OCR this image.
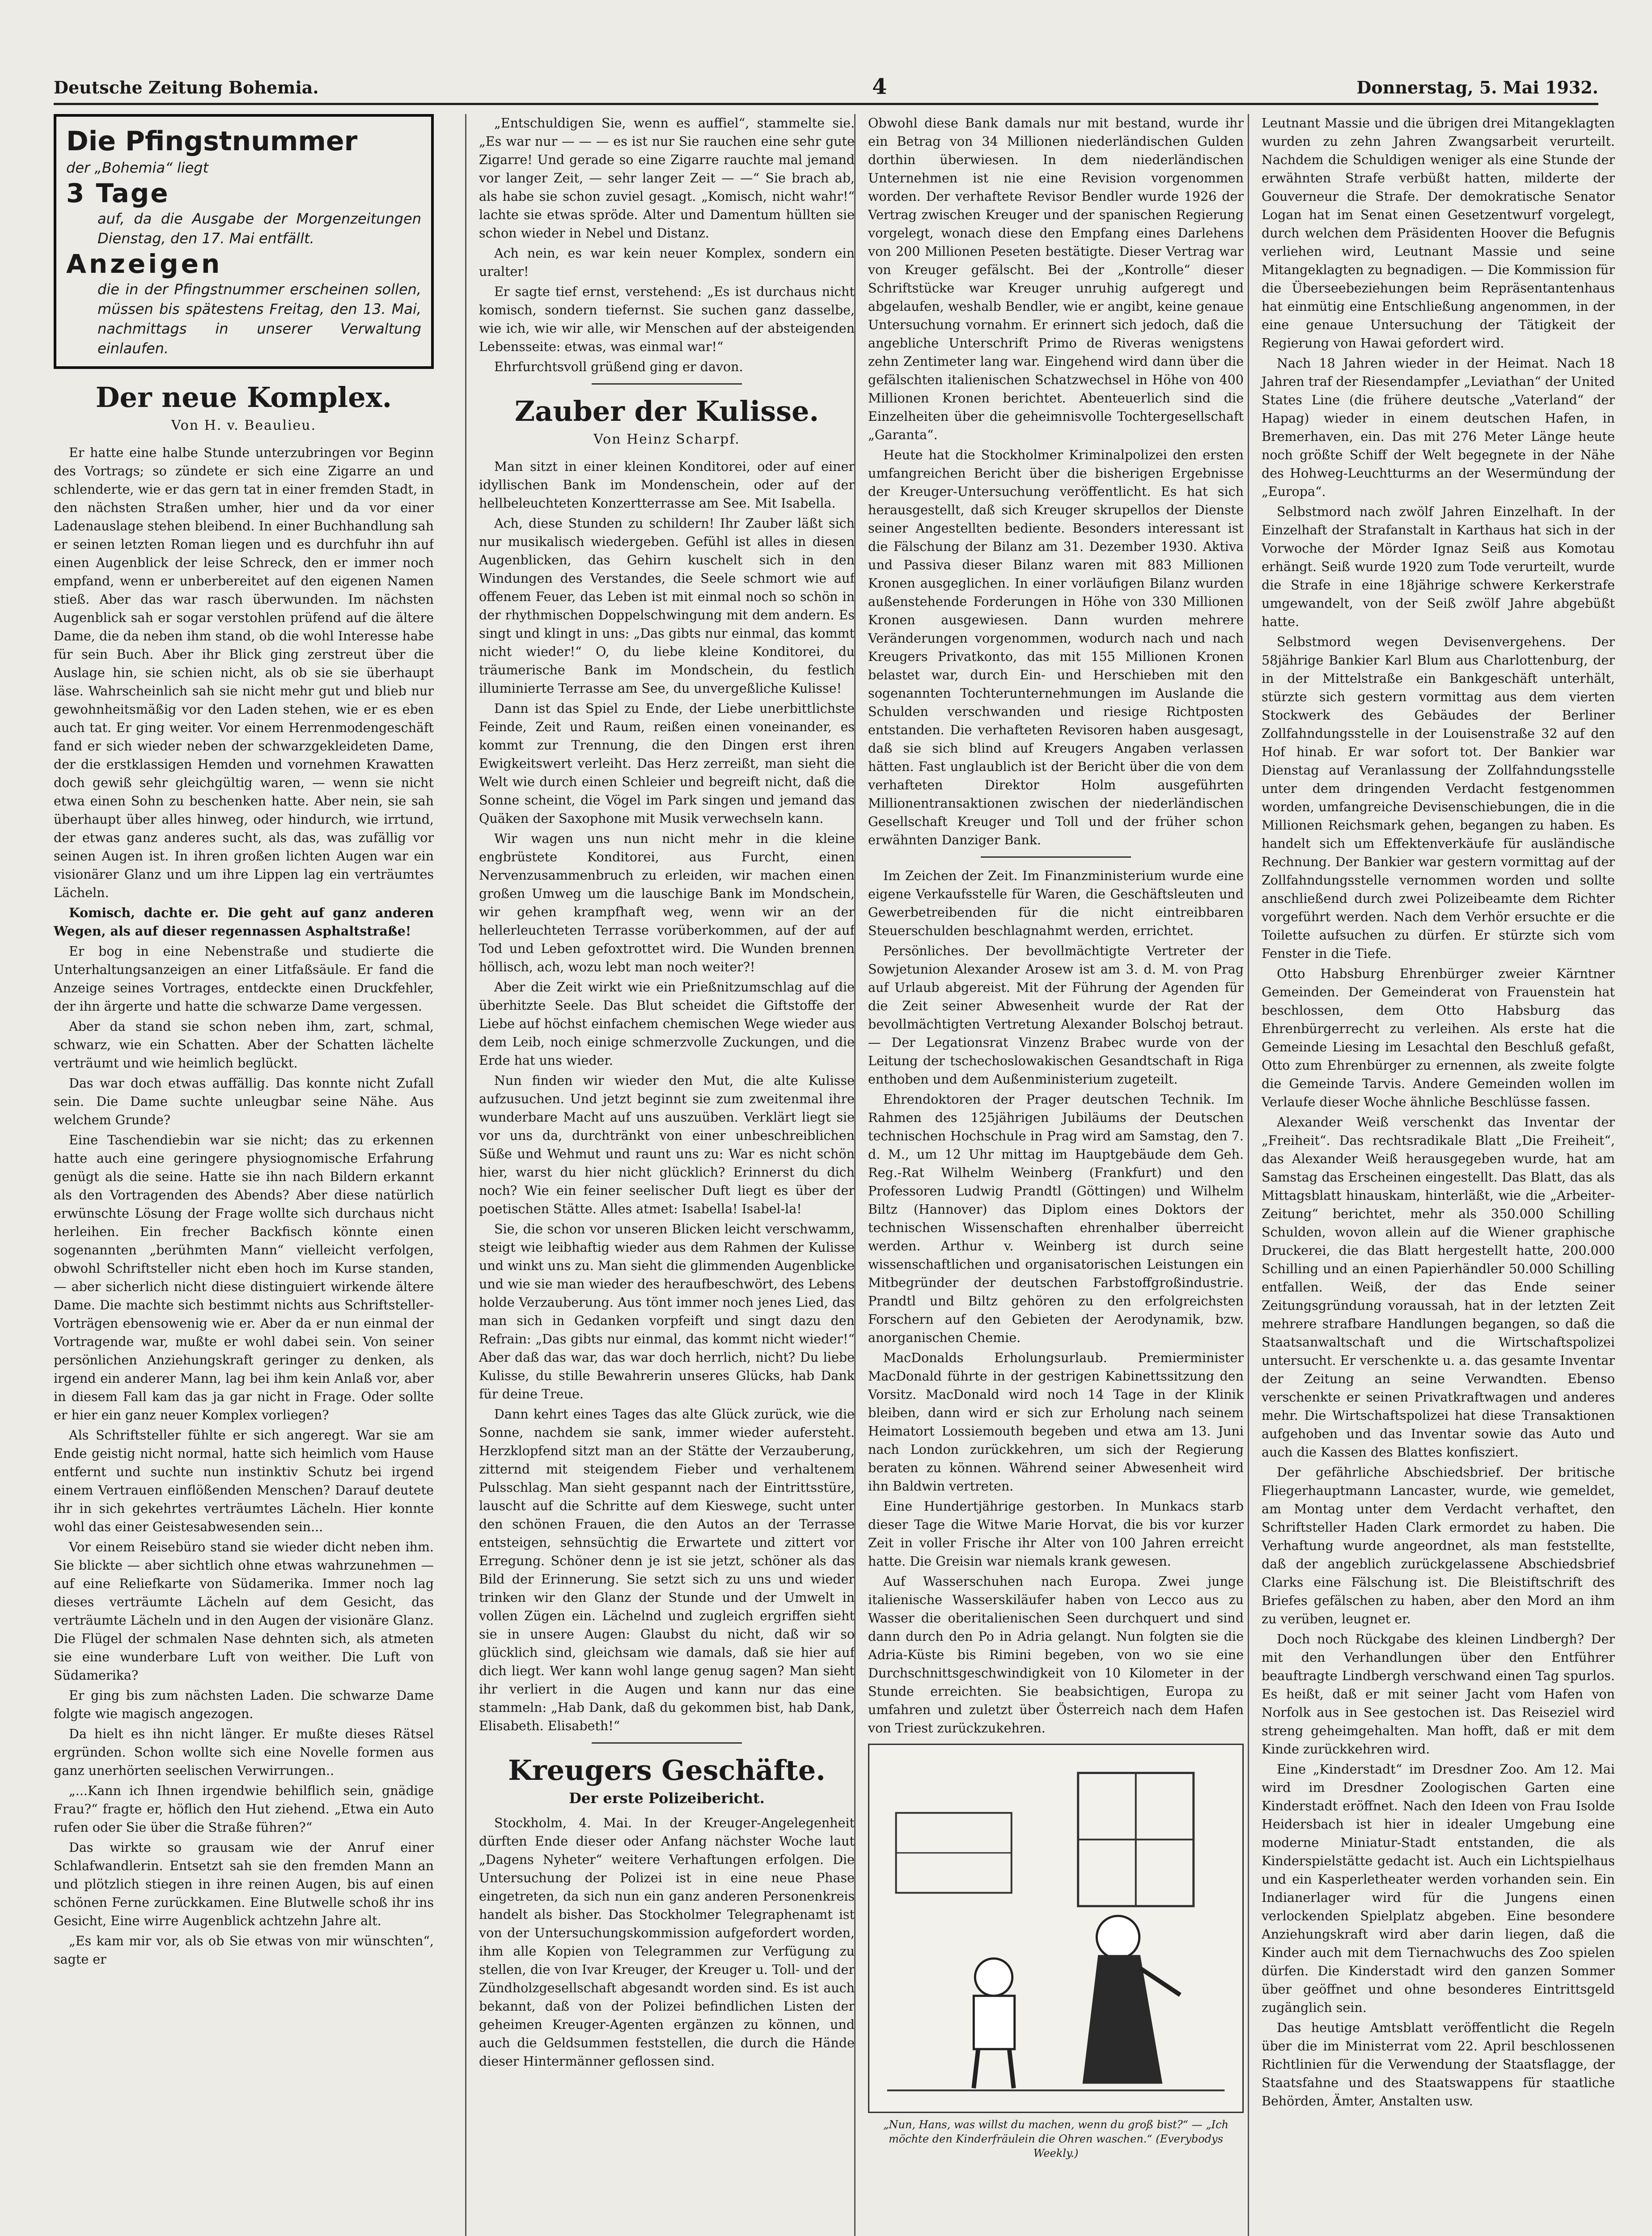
Deutsche Zeitung Bohemia.	4	Donnerstag, 5. Mai 1932.
Die Pfingstnummer
der „Bohemia“ liegt
3 Tage
auf, da die Ausgabe der Morgenzeitungen Dienstag, den 17. Mai entfällt.
Anzeigen
die in der Pfingstnummer erscheinen sollen, müssen bis spätestens Freitag, den 13. Mai, nachmittags in unserer Verwaltung einlaufen.
Der neue Komplex.
Von H. v. Beaulieu.

Er hatte eine halbe Stunde unterzubringen vor Beginn des Vortrags; so zündete er sich eine Zigarre an und schlenderte, wie er das gern tat in einer fremden Stadt, in den nächsten Straßen umher, hier und da vor einer Ladenauslage stehen bleibend. In einer Buchhandlung sah er seinen letzten Roman liegen und es durchfuhr ihn auf einen Augenblick der leise Schreck, den er immer noch empfand, wenn er unberbereitet auf den eigenen Namen stieß. Aber das war rasch überwunden. Im nächsten Augenblick sah er sogar verstohlen prüfend auf die ältere Dame, die da neben ihm stand, ob die wohl Interesse habe für sein Buch. Aber ihr Blick ging zerstreut über die Auslage hin, sie schien nicht, als ob sie sie überhaupt läse. Wahrscheinlich sah sie nicht mehr gut und blieb nur gewohnheitsmäßig vor den Laden stehen, wie er es eben auch tat. Er ging weiter. Vor einem Herrenmodengeschäft fand er sich wieder neben der schwarzgekleideten Dame, der die erstklassigen Hemden und vornehmen Krawatten doch gewiß sehr gleichgültig waren, — wenn sie nicht etwa einen Sohn zu beschenken hatte. Aber nein, sie sah überhaupt über alles hinweg, oder hindurch, wie irrtund, der etwas ganz anderes sucht, als das, was zufällig vor seinen Augen ist. In ihren großen lichten Augen war ein visionärer Glanz und um ihre Lippen lag ein verträumtes Lächeln.

Komisch, dachte er. Die geht auf ganz anderen Wegen, als auf dieser regennassen Asphaltstraße!

Er bog in eine Nebenstraße und studierte die Unterhaltungsanzeigen an einer Litfaßsäule. Er fand die Anzeige seines Vortrages, entdeckte einen Druckfehler, der ihn ärgerte und hatte die schwarze Dame vergessen.

Aber da stand sie schon neben ihm, zart, schmal, schwarz, wie ein Schatten. Aber der Schatten lächelte verträumt und wie heimlich beglückt.

Das war doch etwas auffällig. Das konnte nicht Zufall sein. Die Dame suchte unleugbar seine Nähe. Aus welchem Grunde?

Eine Taschendiebin war sie nicht; das zu erkennen hatte auch eine geringere physiognomische Erfahrung genügt als die seine. Hatte sie ihn nach Bildern erkannt als den Vortragenden des Abends? Aber diese natürlich erwünschte Lösung der Frage wollte sich durchaus nicht herleihen. Ein frecher Backfisch könnte einen sogenannten „berühmten Mann“ vielleicht verfolgen, obwohl Schriftsteller nicht eben hoch im Kurse standen, — aber sicherlich nicht diese distinguiert wirkende ältere Dame. Die machte sich bestimmt nichts aus Schriftsteller-Vorträgen ebensowenig wie er. Aber da er nun einmal der Vortragende war, mußte er wohl dabei sein. Von seiner persönlichen Anziehungskraft geringer zu denken, als irgend ein anderer Mann, lag bei ihm kein Anlaß vor, aber in diesem Fall kam das ja gar nicht in Frage. Oder sollte er hier ein ganz neuer Komplex vorliegen?

Als Schriftsteller fühlte er sich angeregt. War sie am Ende geistig nicht normal, hatte sich heimlich vom Hause entfernt und suchte nun instinktiv Schutz bei irgend einem Vertrauen einflößenden Menschen? Darauf deutete ihr in sich gekehrtes verträumtes Lächeln. Hier konnte wohl das einer Geistesabwesenden sein...

Vor einem Reisebüro stand sie wieder dicht neben ihm. Sie blickte — aber sichtlich ohne etwas wahrzunehmen — auf eine Reliefkarte von Südamerika. Immer noch lag dieses verträumte Lächeln auf dem Gesicht, das verträumte Lächeln und in den Augen der visionäre Glanz. Die Flügel der schmalen Nase dehnten sich, als atmeten sie eine wunderbare Luft von weither. Die Luft von Südamerika?

Er ging bis zum nächsten Laden. Die schwarze Dame folgte wie magisch angezogen.

Da hielt es ihn nicht länger. Er mußte dieses Rätsel ergründen. Schon wollte sich eine Novelle formen aus ganz unerhörten seelischen Verwirrungen..

„...Kann ich Ihnen irgendwie behilflich sein, gnädige Frau?“ fragte er, höflich den Hut ziehend. „Etwa ein Auto rufen oder Sie über die Straße führen?“

Das wirkte so grausam wie der Anruf einer Schlafwandlerin. Entsetzt sah sie den fremden Mann an und plötzlich stiegen in ihre reinen Augen, bis auf einen schönen Ferne zurückkamen. Eine Blutwelle schoß ihr ins Gesicht, Eine wirre Augenblick achtzehn Jahre alt.

„Es kam mir vor, als ob Sie etwas von mir wünschten“, sagte er

„Entschuldigen Sie, wenn es auffiel“, stammelte sie. „Es war nur — — — es ist nur Sie rauchen eine sehr gute Zigarre! Und gerade so eine Zigarre rauchte mal jemand vor langer Zeit, — sehr langer Zeit — —“ Sie brach ab, als habe sie schon zuviel gesagt. „Komisch, nicht wahr!“ lachte sie etwas spröde. Alter und Damentum hüllten sie schon wieder in Nebel und Distanz.

Ach nein, es war kein neuer Komplex, sondern ein uralter!

Er sagte tief ernst, verstehend: „Es ist durchaus nicht komisch, sondern tiefernst. Sie suchen ganz dasselbe, wie ich, wie wir alle, wir Menschen auf der absteigenden Lebensseite: etwas, was einmal war!“

Ehrfurchtsvoll grüßend ging er davon.

Zauber der Kulisse.
Von Heinz Scharpf.

Man sitzt in einer kleinen Konditorei, oder auf einer idyllischen Bank im Mondenschein, oder auf der hellbeleuchteten Konzertterrasse am See. Mit Isabella.

Ach, diese Stunden zu schildern! Ihr Zauber läßt sich nur musikalisch wiedergeben. Gefühl ist alles in diesen Augenblicken, das Gehirn kuschelt sich in den Windungen des Verstandes, die Seele schmort wie auf offenem Feuer, das Leben ist mit einmal noch so schön in der rhythmischen Doppelschwingung mit dem andern. Es singt und klingt in uns: „Das gibts nur einmal, das kommt nicht wieder!“ O, du liebe kleine Konditorei, du träumerische Bank im Mondschein, du festlich illuminierte Terrasse am See, du unvergeßliche Kulisse!

Dann ist das Spiel zu Ende, der Liebe unerbittlichste Feinde, Zeit und Raum, reißen einen voneinander, es kommt zur Trennung, die den Dingen erst ihren Ewigkeitswert verleiht. Das Herz zerreißt, man sieht die Welt wie durch einen Schleier und begreift nicht, daß die Sonne scheint, die Vögel im Park singen und jemand das Quäken der Saxophone mit Musik verwechseln kann.

Wir wagen uns nun nicht mehr in die kleine engbrüstete Konditorei, aus Furcht, einen Nervenzusammenbruch zu erleiden, wir machen einen großen Umweg um die lauschige Bank im Mondschein, wir gehen krampfhaft weg, wenn wir an der hellerleuchteten Terrasse vorüberkommen, auf der auf Tod und Leben gefoxtrottet wird. Die Wunden brennen höllisch, ach, wozu lebt man noch weiter?!

Aber die Zeit wirkt wie ein Prießnitzumschlag auf die überhitzte Seele. Das Blut scheidet die Giftstoffe der Liebe auf höchst einfachem chemischen Wege wieder aus dem Leib, noch einige schmerzvolle Zuckungen, und die Erde hat uns wieder.

Nun finden wir wieder den Mut, die alte Kulisse aufzusuchen. Und jetzt beginnt sie zum zweitenmal ihre wunderbare Macht auf uns auszuüben. Verklärt liegt sie vor uns da, durchtränkt von einer unbeschreiblichen Süße und Wehmut und raunt uns zu: War es nicht schön hier, warst du hier nicht glücklich? Erinnerst du dich noch? Wie ein feiner seelischer Duft liegt es über der poetischen Stätte. Alles atmet: Isabella! Isabel-la!

Sie, die schon vor unseren Blicken leicht verschwamm, steigt wie leibhaftig wieder aus dem Rahmen der Kulisse und winkt uns zu. Man sieht die glimmenden Augenblicke und wie sie man wieder des heraufbeschwört, des Lebens holde Verzauberung. Aus tönt immer noch jenes Lied, das man sich in Gedanken vorpfeift und singt dazu den Refrain: „Das gibts nur einmal, das kommt nicht wieder!“ Aber daß das war, das war doch herrlich, nicht? Du liebe Kulisse, du stille Bewahrerin unseres Glücks, hab Dank für deine Treue.

Dann kehrt eines Tages das alte Glück zurück, wie die Sonne, nachdem sie sank, immer wieder aufersteht. Herzklopfend sitzt man an der Stätte der Verzauberung, zitternd mit steigendem Fieber und verhaltenem Pulsschlag. Man sieht gespannt nach der Eintrittsstüre, lauscht auf die Schritte auf dem Kieswege, sucht unter den schönen Frauen, die den Autos an der Terrasse entsteigen, sehnsüchtig die Erwartete und zittert vor Erregung. Schöner denn je ist sie jetzt, schöner als das Bild der Erinnerung. Sie setzt sich zu uns und wieder trinken wir den Glanz der Stunde und der Umwelt in vollen Zügen ein. Lächelnd und zugleich ergriffen sieht sie in unsere Augen: Glaubst du nicht, daß wir so glücklich sind, gleichsam wie damals, daß sie hier auf dich liegt. Wer kann wohl lange genug sagen? Man sieht ihr verliert in die Augen und kann nur das eine stammeln: „Hab Dank, daß du gekommen bist, hab Dank, Elisabeth. Elisabeth!“

Kreugers Geschäfte.
Der erste Polizeibericht.

Stockholm, 4. Mai. In der Kreuger-Angelegenheit dürften Ende dieser oder Anfang nächster Woche laut „Dagens Nyheter“ weitere Verhaftungen erfolgen. Die Untersuchung der Polizei ist in eine neue Phase eingetreten, da sich nun ein ganz anderen Personenkreis handelt als bisher. Das Stockholmer Telegraphenamt ist von der Untersuchungskommission aufgefordert worden, ihm alle Kopien von Telegrammen zur Verfügung zu stellen, die von Ivar Kreuger, der Kreuger u. Toll- und der Zündholzgesellschaft abgesandt worden sind. Es ist auch bekannt, daß von der Polizei befindlichen Listen der geheimen Kreuger-Agenten ergänzen zu können, und auch die Geldsummen feststellen, die durch die Hände dieser Hintermänner geflossen sind.

Obwohl diese Bank damals nur mit bestand, wurde ihr ein Betrag von 34 Millionen niederländischen Gulden dorthin überwiesen. In dem niederländischen Unternehmen ist nie eine Revision vorgenommen worden. Der verhaftete Revisor Bendler wurde 1926 der Vertrag zwischen Kreuger und der spanischen Regierung vorgelegt, wonach diese den Empfang eines Darlehens von 200 Millionen Peseten bestätigte. Dieser Vertrag war von Kreuger gefälscht. Bei der „Kontrolle“ dieser Schriftstücke war Kreuger unruhig aufgeregt und abgelaufen, weshalb Bendler, wie er angibt, keine genaue Untersuchung vornahm. Er erinnert sich jedoch, daß die angebliche Unterschrift Primo de Riveras wenigstens zehn Zentimeter lang war. Eingehend wird dann über die gefälschten italienischen Schatzwechsel in Höhe von 400 Millionen Kronen berichtet. Abenteuerlich sind die Einzelheiten über die geheimnisvolle Tochtergesellschaft „Garanta“.

Heute hat die Stockholmer Kriminalpolizei den ersten umfangreichen Bericht über die bisherigen Ergebnisse der Kreuger-Untersuchung veröffentlicht. Es hat sich herausgestellt, daß sich Kreuger skrupellos der Dienste seiner Angestellten bediente. Besonders interessant ist die Fälschung der Bilanz am 31. Dezember 1930. Aktiva und Passiva dieser Bilanz waren mit 883 Millionen Kronen ausgeglichen. In einer vorläufigen Bilanz wurden außenstehende Forderungen in Höhe von 330 Millionen Kronen ausgewiesen. Dann wurden mehrere Veränderungen vorgenommen, wodurch nach und nach Kreugers Privatkonto, das mit 155 Millionen Kronen belastet war, durch Ein- und Herschieben mit den sogenannten Tochterunternehmungen im Auslande die Schulden verschwanden und riesige Richtposten entstanden. Die verhafteten Revisoren haben ausgesagt, daß sie sich blind auf Kreugers Angaben verlassen hätten. Fast unglaublich ist der Bericht über die von dem verhafteten Direktor Holm ausgeführten Millionentransaktionen zwischen der niederländischen Gesellschaft Kreuger und Toll und der früher schon erwähnten Danziger Bank.

Im Zeichen der Zeit. Im Finanzministerium wurde eine eigene Verkaufsstelle für Waren, die Geschäftsleuten und Gewerbetreibenden für die nicht eintreibbaren Steuerschulden beschlagnahmt werden, errichtet.

Persönliches. Der bevollmächtigte Vertreter der Sowjetunion Alexander Arosew ist am 3. d. M. von Prag auf Urlaub abgereist. Mit der Führung der Agenden für die Zeit seiner Abwesenheit wurde der Rat der bevollmächtigten Vertretung Alexander Bolschoj betraut. — Der Legationsrat Vinzenz Brabec wurde von der Leitung der tschechoslowakischen Gesandtschaft in Riga enthoben und dem Außenministerium zugeteilt.

Ehrendoktoren der Prager deutschen Technik. Im Rahmen des 125jährigen Jubiläums der Deutschen technischen Hochschule in Prag wird am Samstag, den 7. d. M., um 12 Uhr mittag im Hauptgebäude dem Geh. Reg.-Rat Wilhelm Weinberg (Frankfurt) und den Professoren Ludwig Prandtl (Göttingen) und Wilhelm Biltz (Hannover) das Diplom eines Doktors der technischen Wissenschaften ehrenhalber überreicht werden. Arthur v. Weinberg ist durch seine wissenschaftlichen und organisatorischen Leistungen ein Mitbegründer der deutschen Farbstoffgroßindustrie. Prandtl und Biltz gehören zu den erfolgreichsten Forschern auf den Gebieten der Aerodynamik, bzw. anorganischen Chemie.

MacDonalds Erholungsurlaub. Premierminister MacDonald führte in der gestrigen Kabinettssitzung den Vorsitz. MacDonald wird noch 14 Tage in der Klinik bleiben, dann wird er sich zur Erholung nach seinem Heimatort Lossiemouth begeben und etwa am 13. Juni nach London zurückkehren, um sich der Regierung beraten zu können. Während seiner Abwesenheit wird ihn Baldwin vertreten.

Eine Hundertjährige gestorben. In Munkacs starb dieser Tage die Witwe Marie Horvat, die bis vor kurzer Zeit in voller Frische ihr Alter von 100 Jahren erreicht hatte. Die Greisin war niemals krank gewesen.

Auf Wasserschuhen nach Europa. Zwei junge italienische Wasserskiläufer haben von Lecco aus zu Wasser die oberitalienischen Seen durchquert und sind dann durch den Po in Adria gelangt. Nun folgten sie die Adria-Küste bis Rimini begeben, von wo sie eine Durchschnittsgeschwindigkeit von 10 Kilometer in der Stunde erreichten. Sie beabsichtigen, Europa zu umfahren und zuletzt über Österreich nach dem Hafen von Triest zurückzukehren.

„Nun, Hans, was willst du machen, wenn du groß bist?“ — „Ich möchte den Kinderfräulein die Ohren waschen.“ (Everybodys Weekly.)

Leutnant Massie und die übrigen drei Mitangeklagten wurden zu zehn Jahren Zwangsarbeit verurteilt. Nachdem die Schuldigen weniger als eine Stunde der erwähnten Strafe verbüßt hatten, milderte der Gouverneur die Strafe. Der demokratische Senator Logan hat im Senat einen Gesetzentwurf vorgelegt, durch welchen dem Präsidenten Hoover die Befugnis verliehen wird, Leutnant Massie und seine Mitangeklagten zu begnadigen. — Die Kommission für die Überseebeziehungen beim Repräsentantenhaus hat einmütig eine Entschließung angenommen, in der eine genaue Untersuchung der Tätigkeit der Regierung von Hawai gefordert wird.

Nach 18 Jahren wieder in der Heimat. Nach 18 Jahren traf der Riesendampfer „Leviathan“ der United States Line (die frühere deutsche „Vaterland“ der Hapag) wieder in einem deutschen Hafen, in Bremerhaven, ein. Das mit 276 Meter Länge heute noch größte Schiff der Welt begegnete in der Nähe des Hohweg-Leuchtturms an der Wesermündung der „Europa“.

Selbstmord nach zwölf Jahren Einzelhaft. In der Einzelhaft der Strafanstalt in Karthaus hat sich in der Vorwoche der Mörder Ignaz Seiß aus Komotau erhängt. Seiß wurde 1920 zum Tode verurteilt, wurde die Strafe in eine 18jährige schwere Kerkerstrafe umgewandelt, von der Seiß zwölf Jahre abgebüßt hatte.

Selbstmord wegen Devisenvergehens. Der 58jährige Bankier Karl Blum aus Charlottenburg, der in der Mittelstraße ein Bankgeschäft unterhält, stürzte sich gestern vormittag aus dem vierten Stockwerk des Gebäudes der Berliner Zollfahndungsstelle in der Louisenstraße 32 auf den Hof hinab. Er war sofort tot. Der Bankier war Dienstag auf Veranlassung der Zollfahndungsstelle unter dem dringenden Verdacht festgenommen worden, umfangreiche Devisenschiebungen, die in die Millionen Reichsmark gehen, begangen zu haben. Es handelt sich um Effektenverkäufe für ausländische Rechnung. Der Bankier war gestern vormittag auf der Zollfahndungsstelle vernommen worden und sollte anschließend durch zwei Polizeibeamte dem Richter vorgeführt werden. Nach dem Verhör ersuchte er die Toilette aufsuchen zu dürfen. Er stürzte sich vom Fenster in die Tiefe.

Otto Habsburg Ehrenbürger zweier Kärntner Gemeinden. Der Gemeinderat von Frauenstein hat beschlossen, dem Otto Habsburg das Ehrenbürgerrecht zu verleihen. Als erste hat die Gemeinde Liesing im Lesachtal den Beschluß gefaßt, Otto zum Ehrenbürger zu ernennen, als zweite folgte die Gemeinde Tarvis. Andere Gemeinden wollen im Verlaufe dieser Woche ähnliche Beschlüsse fassen.

Alexander Weiß verschenkt das Inventar der „Freiheit“. Das rechtsradikale Blatt „Die Freiheit“, das Alexander Weiß herausgegeben wurde, hat am Samstag das Erscheinen eingestellt. Das Blatt, das als Mittagsblatt hinauskam, hinterläßt, wie die „Arbeiter-Zeitung“ berichtet, mehr als 350.000 Schilling Schulden, wovon allein auf die Wiener graphische Druckerei, die das Blatt hergestellt hatte, 200.000 Schilling und an einen Papierhändler 50.000 Schilling entfallen. Weiß, der das Ende seiner Zeitungsgründung voraussah, hat in der letzten Zeit mehrere strafbare Handlungen begangen, so daß die Staatsanwaltschaft und die Wirtschaftspolizei untersucht. Er verschenkte u. a. das gesamte Inventar der Zeitung an seine Verwandten. Ebenso verschenkte er seinen Privatkraftwagen und anderes mehr. Die Wirtschaftspolizei hat diese Transaktionen aufgehoben und das Inventar sowie das Auto und auch die Kassen des Blattes konfisziert.

Der gefährliche Abschiedsbrief. Der britische Fliegerhauptmann Lancaster, wurde, wie gemeldet, am Montag unter dem Verdacht verhaftet, den Schriftsteller Haden Clark ermordet zu haben. Die Verhaftung wurde angeordnet, als man feststellte, daß der angeblich zurückgelassene Abschiedsbrief Clarks eine Fälschung ist. Die Bleistiftschrift des Briefes gefälschen zu haben, aber den Mord an ihm zu verüben, leugnet er.

Doch noch Rückgabe des kleinen Lindbergh? Der mit den Verhandlungen über den Entführer beauftragte Lindbergh verschwand einen Tag spurlos. Es heißt, daß er mit seiner Jacht vom Hafen von Norfolk aus in See gestochen ist. Das Reiseziel wird streng geheimgehalten. Man hofft, daß er mit dem Kinde zurückkehren wird.

Eine „Kinderstadt“ im Dresdner Zoo. Am 12. Mai wird im Dresdner Zoologischen Garten eine Kinderstadt eröffnet. Nach den Ideen von Frau Isolde Heidersbach ist hier in idealer Umgebung eine moderne Miniatur-Stadt entstanden, die als Kinderspielstätte gedacht ist. Auch ein Lichtspielhaus und ein Kasperletheater werden vorhanden sein. Ein Indianerlager wird für die Jungens einen verlockenden Spielplatz abgeben. Eine besondere Anziehungskraft wird aber darin liegen, daß die Kinder auch mit dem Tiernachwuchs des Zoo spielen dürfen. Die Kinderstadt wird den ganzen Sommer über geöffnet und ohne besonderes Eintrittsgeld zugänglich sein.

Das heutige Amtsblatt veröffentlicht die Regeln über die im Ministerrat vom 22. April beschlossenen Richtlinien für die Verwendung der Staatsflagge, der Staatsfahne und des Staatswappens für staatliche Behörden, Ämter, Anstalten usw.
